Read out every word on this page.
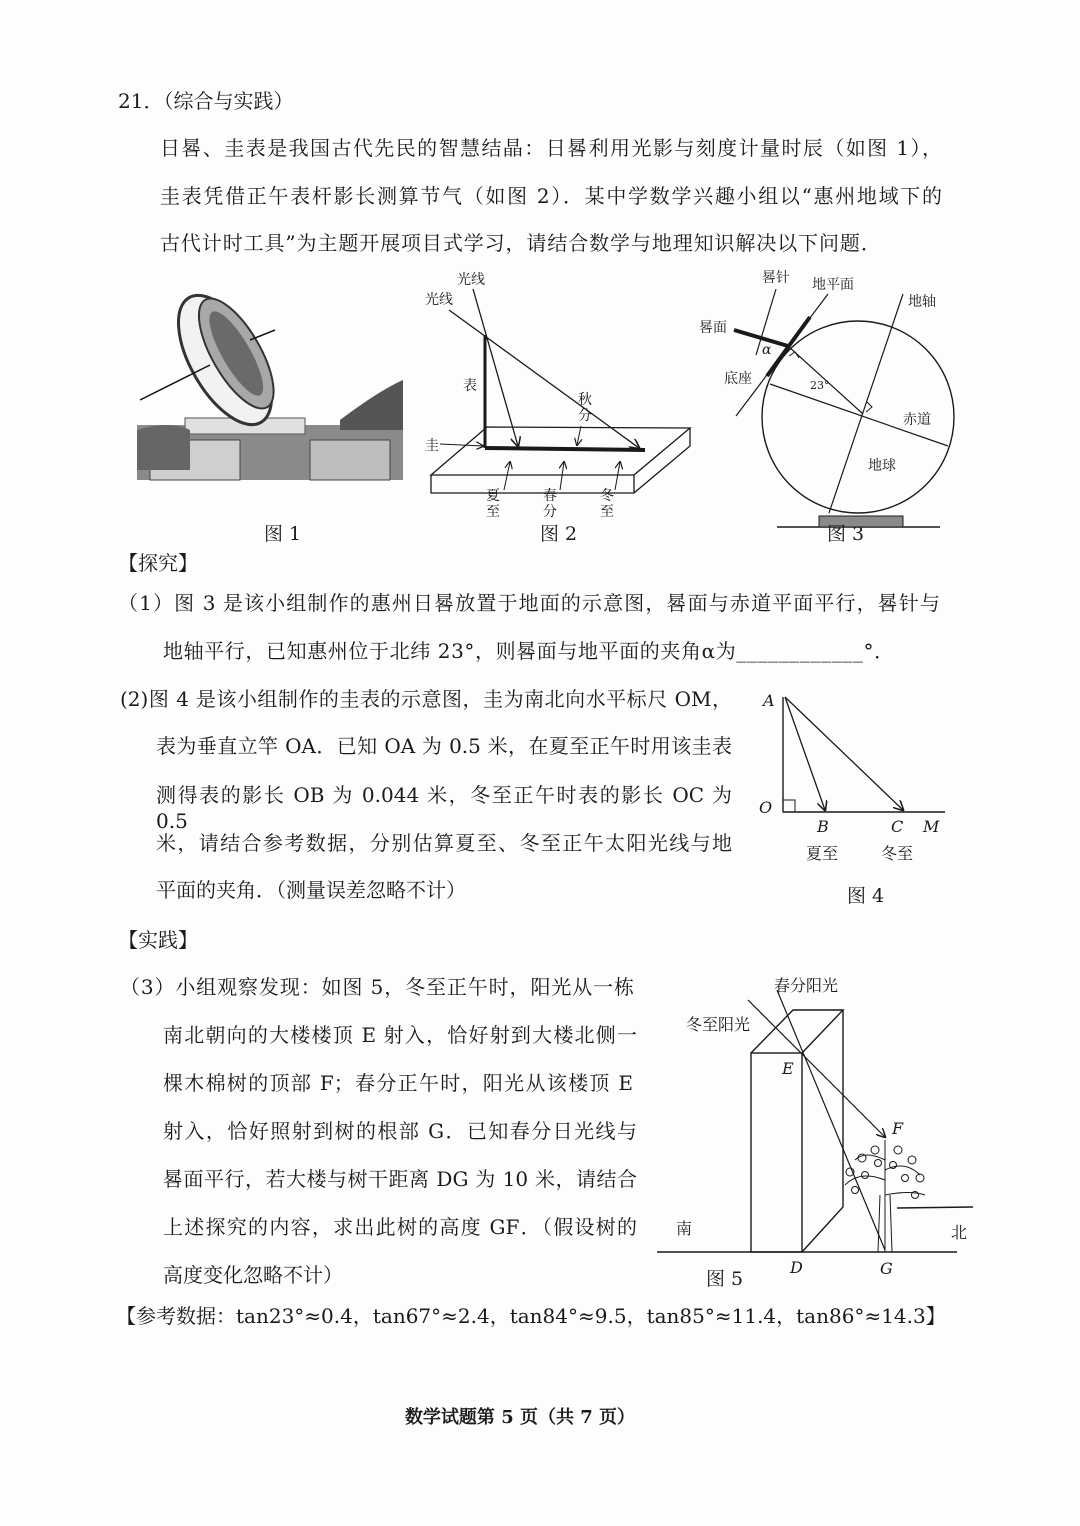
21．（综合与实践）
日晷、圭表是我国古代先民的智慧结晶：日晷利用光影与刻度计量时辰（如图 1），
圭表凭借正午表杆影长测算节气（如图 2）．某中学数学兴趣小组以“惠州地域下的
古代计时工具”为主题开展项目式学习，请结合数学与地理知识解决以下问题．
【探究】
（1）图 3 是该小组制作的惠州日晷放置于地面的示意图，晷面与赤道平面平行，晷针与
地轴平行，已知惠州位于北纬 23°，则晷面与地平面的夹角α为____________°．
(2)图 4 是该小组制作的圭表的示意图，圭为南北向水平标尺 OM，
表为垂直立竿 OA．已知 OA 为 0.5 米，在夏至正午时用该圭表
测得表的影长 OB 为 0.044 米，冬至正午时表的影长 OC 为 0.5
米，请结合参考数据，分别估算夏至、冬至正午太阳光线与地
平面的夹角．（测量误差忽略不计）
【实践】
（3）小组观察发现：如图 5，冬至正午时，阳光从一栋
南北朝向的大楼楼顶 E 射入，恰好射到大楼北侧一
棵木棉树的顶部 F；春分正午时，阳光从该楼顶 E
射入，恰好照射到树的根部 G．已知春分日光线与
晷面平行，若大楼与树干距离 DG 为 10 米，请结合
上述探究的内容，求出此树的高度 GF．（假设树的
高度变化忽略不计）
【参考数据：tan23°≈0.4，tan67°≈2.4，tan84°≈9.5，tan85°≈11.4，tan86°≈14.3】
数学试题第 5 页（共 7 页）
图 1
光线
光线
表
圭
秋
分
夏
至
春
分
冬
至
图 2
晷针 地平面
地轴
晷面
α
底座	23°
赤道
地球
图 3
A
O
B	C M
夏至	冬至
图 4
春分阳光
冬至阳光
E
F
南	北
D	G
图 5
